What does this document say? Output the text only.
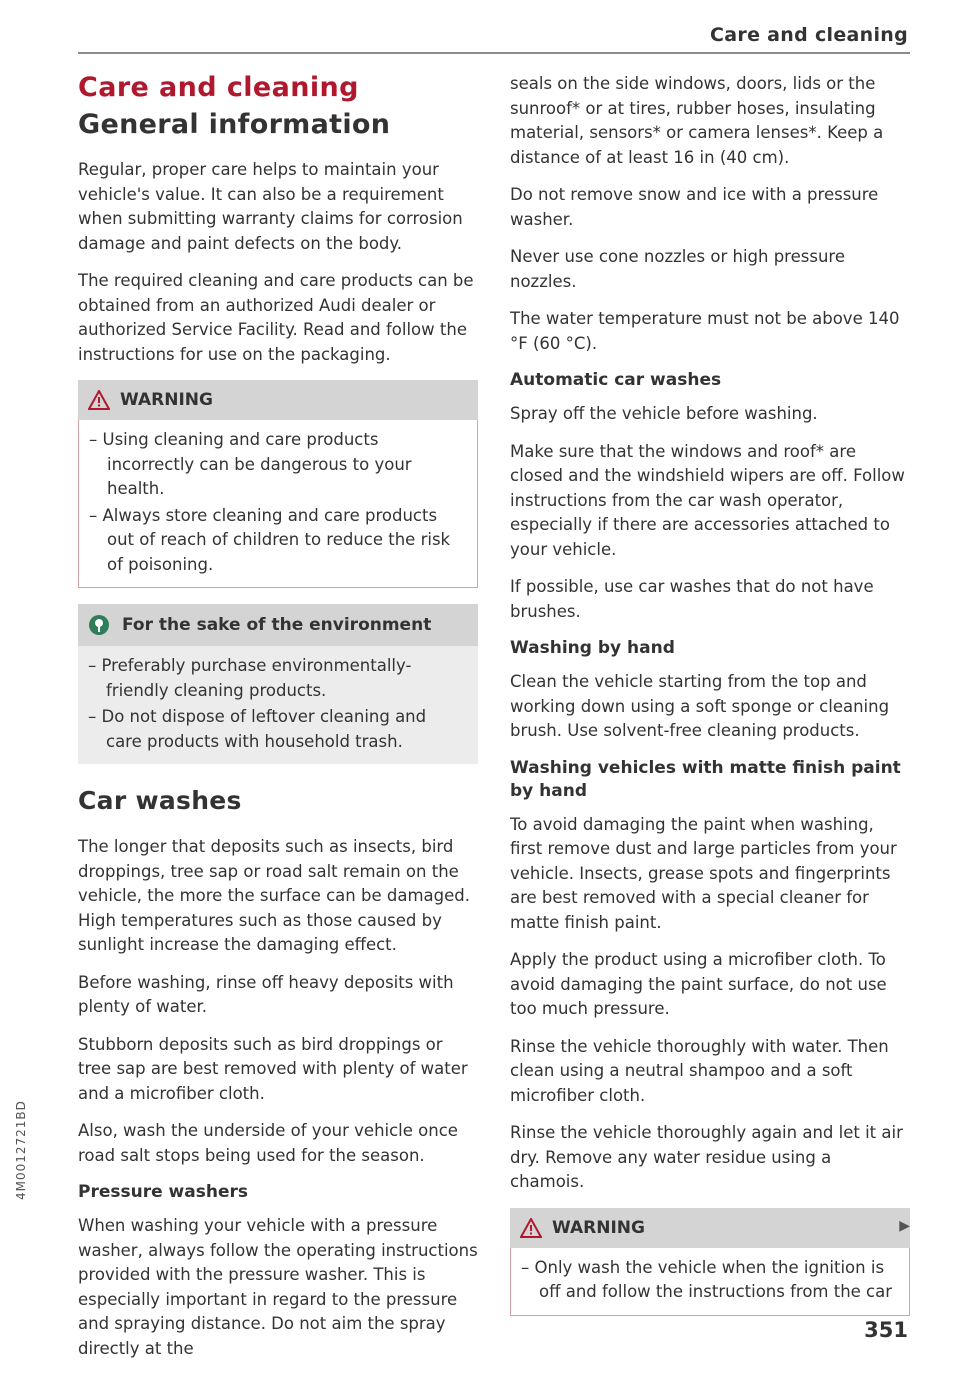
Care and cleaning
Care and cleaning
General information

Regular, proper care helps to maintain your vehicle's value. It can also be a requirement when submitting warranty claims for corrosion damage and paint defects on the body.

The required cleaning and care products can be obtained from an authorized Audi dealer or authorized Service Facility. Read and follow the instructions for use on the packaging.

WARNING
– Using cleaning and care products incorrectly can be dangerous to your health.
– Always store cleaning and care products out of reach of children to reduce the risk of poisoning.
For the sake of the environment
– Preferably purchase environmentally-friendly cleaning products.
– Do not dispose of leftover cleaning and care products with household trash.
Car washes

The longer that deposits such as insects, bird droppings, tree sap or road salt remain on the vehicle, the more the surface can be damaged. High temperatures such as those caused by sunlight increase the damaging effect.

Before washing, rinse off heavy deposits with plenty of water.

Stubborn deposits such as bird droppings or tree sap are best removed with plenty of water and a microfiber cloth.

Also, wash the underside of your vehicle once road salt stops being used for the season.

Pressure washers

When washing your vehicle with a pressure washer, always follow the operating instructions provided with the pressure washer. This is especially important in regard to the pressure and spraying distance. Do not aim the spray directly at the

seals on the side windows, doors, lids or the sunroof* or at tires, rubber hoses, insulating material, sensors* or camera lenses*. Keep a distance of at least 16 in (40 cm).

Do not remove snow and ice with a pressure washer.

Never use cone nozzles or high pressure nozzles.

The water temperature must not be above 140 °F (60 °C).

Automatic car washes

Spray off the vehicle before washing.

Make sure that the windows and roof* are closed and the windshield wipers are off. Follow instructions from the car wash operator, especially if there are accessories attached to your vehicle.

If possible, use car washes that do not have brushes.

Washing by hand

Clean the vehicle starting from the top and working down using a soft sponge or cleaning brush. Use solvent-free cleaning products.

Washing vehicles with matte finish paint by hand

To avoid damaging the paint when washing, first remove dust and large particles from your vehicle. Insects, grease spots and fingerprints are best removed with a special cleaner for matte finish paint.

Apply the product using a microfiber cloth. To avoid damaging the paint surface, do not use too much pressure.

Rinse the vehicle thoroughly with water. Then clean using a neutral shampoo and a soft microfiber cloth.

Rinse the vehicle thoroughly again and let it air dry. Remove any water residue using a chamois.

WARNING
– Only wash the vehicle when the ignition is off and follow the instructions from the car
▶
4M0012721BD
351
